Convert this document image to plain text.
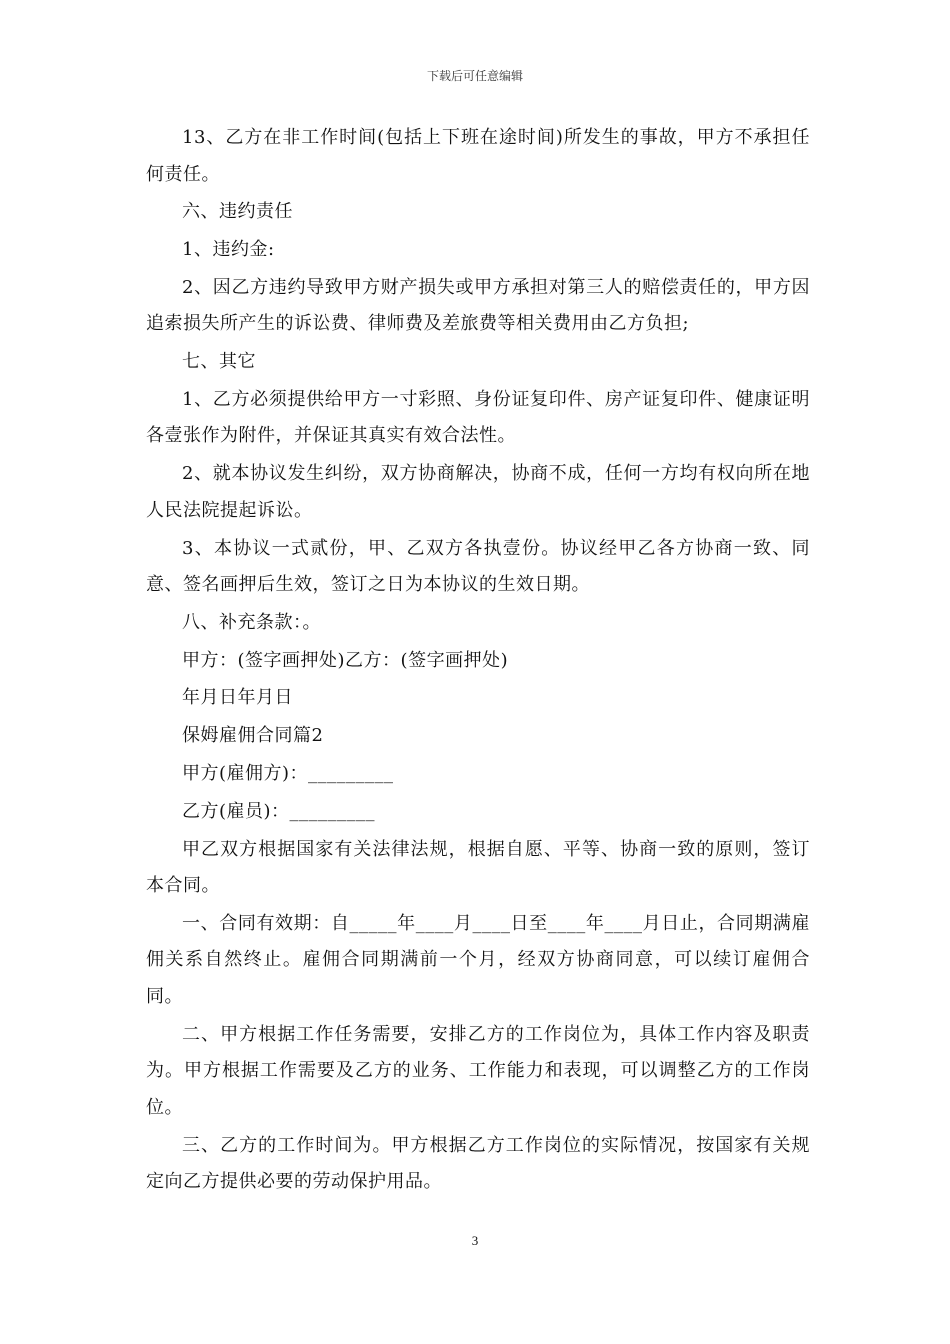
下载后可任意编辑

13、乙方在非工作时间(包括上下班在途时间)所发生的事故，甲方不承担任何责任。

六、违约责任

1、违约金:

2、因乙方违约导致甲方财产损失或甲方承担对第三人的赔偿责任的，甲方因追索损失所产生的诉讼费、律师费及差旅费等相关费用由乙方负担;

七、其它

1、乙方必须提供给甲方一寸彩照、身份证复印件、房产证复印件、健康证明各壹张作为附件，并保证其真实有效合法性。

2、就本协议发生纠纷，双方协商解决，协商不成，任何一方均有权向所在地人民法院提起诉讼。

3、本协议一式贰份，甲、乙双方各执壹份。协议经甲乙各方协商一致、同意、签名画押后生效，签订之日为本协议的生效日期。

八、补充条款：。

甲方：(签字画押处)乙方：(签字画押处)

年月日年月日

保姆雇佣合同篇2

甲方(雇佣方)：_________

乙方(雇员)：_________

甲乙双方根据国家有关法律法规，根据自愿、平等、协商一致的原则，签订本合同。

一、合同有效期：自_____年____月____日至____年____月日止，合同期满雇佣关系自然终止。雇佣合同期满前一个月，经双方协商同意，可以续订雇佣合同。

二、甲方根据工作任务需要，安排乙方的工作岗位为，具体工作内容及职责为。甲方根据工作需要及乙方的业务、工作能力和表现，可以调整乙方的工作岗位。

三、乙方的工作时间为。甲方根据乙方工作岗位的实际情况，按国家有关规定向乙方提供必要的劳动保护用品。

3
